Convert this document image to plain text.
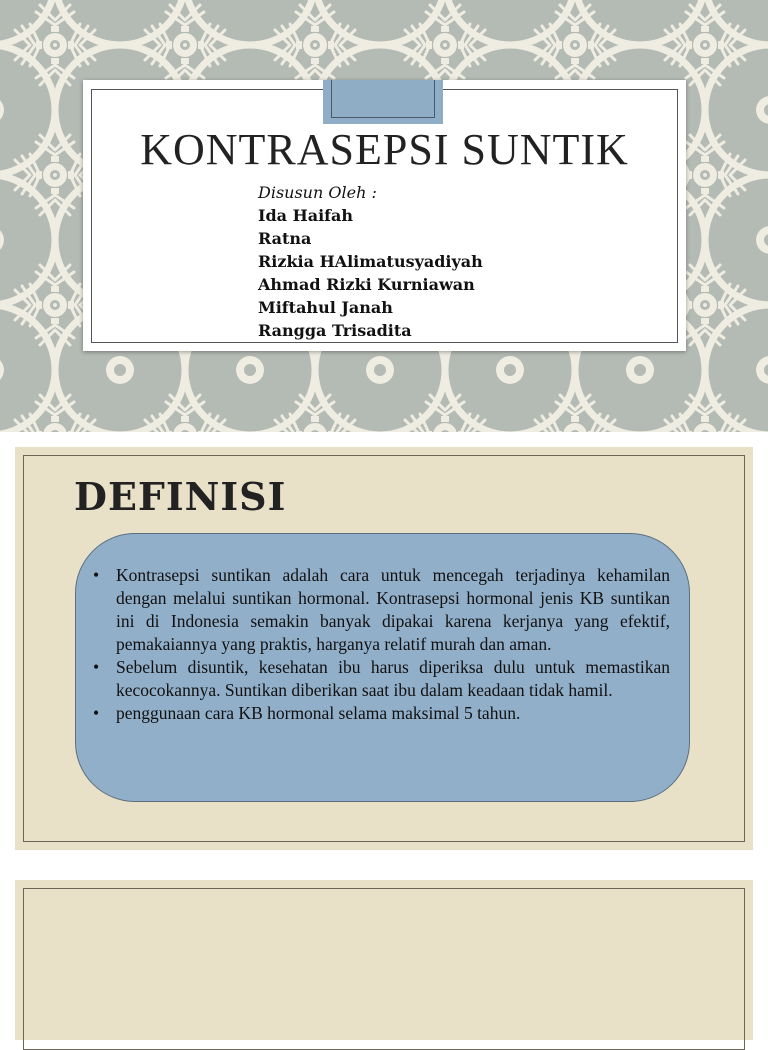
KONTRASEPSI SUNTIK
Disusun Oleh :
Ida Haifah
Ratna
Rizkia HAlimatusyadiyah
Ahmad Rizki Kurniawan
Miftahul Janah
Rangga Trisadita
DEFINISI
• Kontrasepsi suntikan adalah cara untuk mencegah terjadinya kehamilan dengan melalui suntikan hormonal. Kontrasepsi hormonal jenis KB suntikan ini di Indonesia semakin banyak dipakai karena kerjanya yang efektif, pemakaiannya yang praktis, harganya relatif murah dan aman.
• Sebelum disuntik, kesehatan ibu harus diperiksa dulu untuk memastikan kecocokannya. Suntikan diberikan saat ibu dalam keadaan tidak hamil.
• penggunaan cara KB hormonal selama maksimal 5 tahun.
